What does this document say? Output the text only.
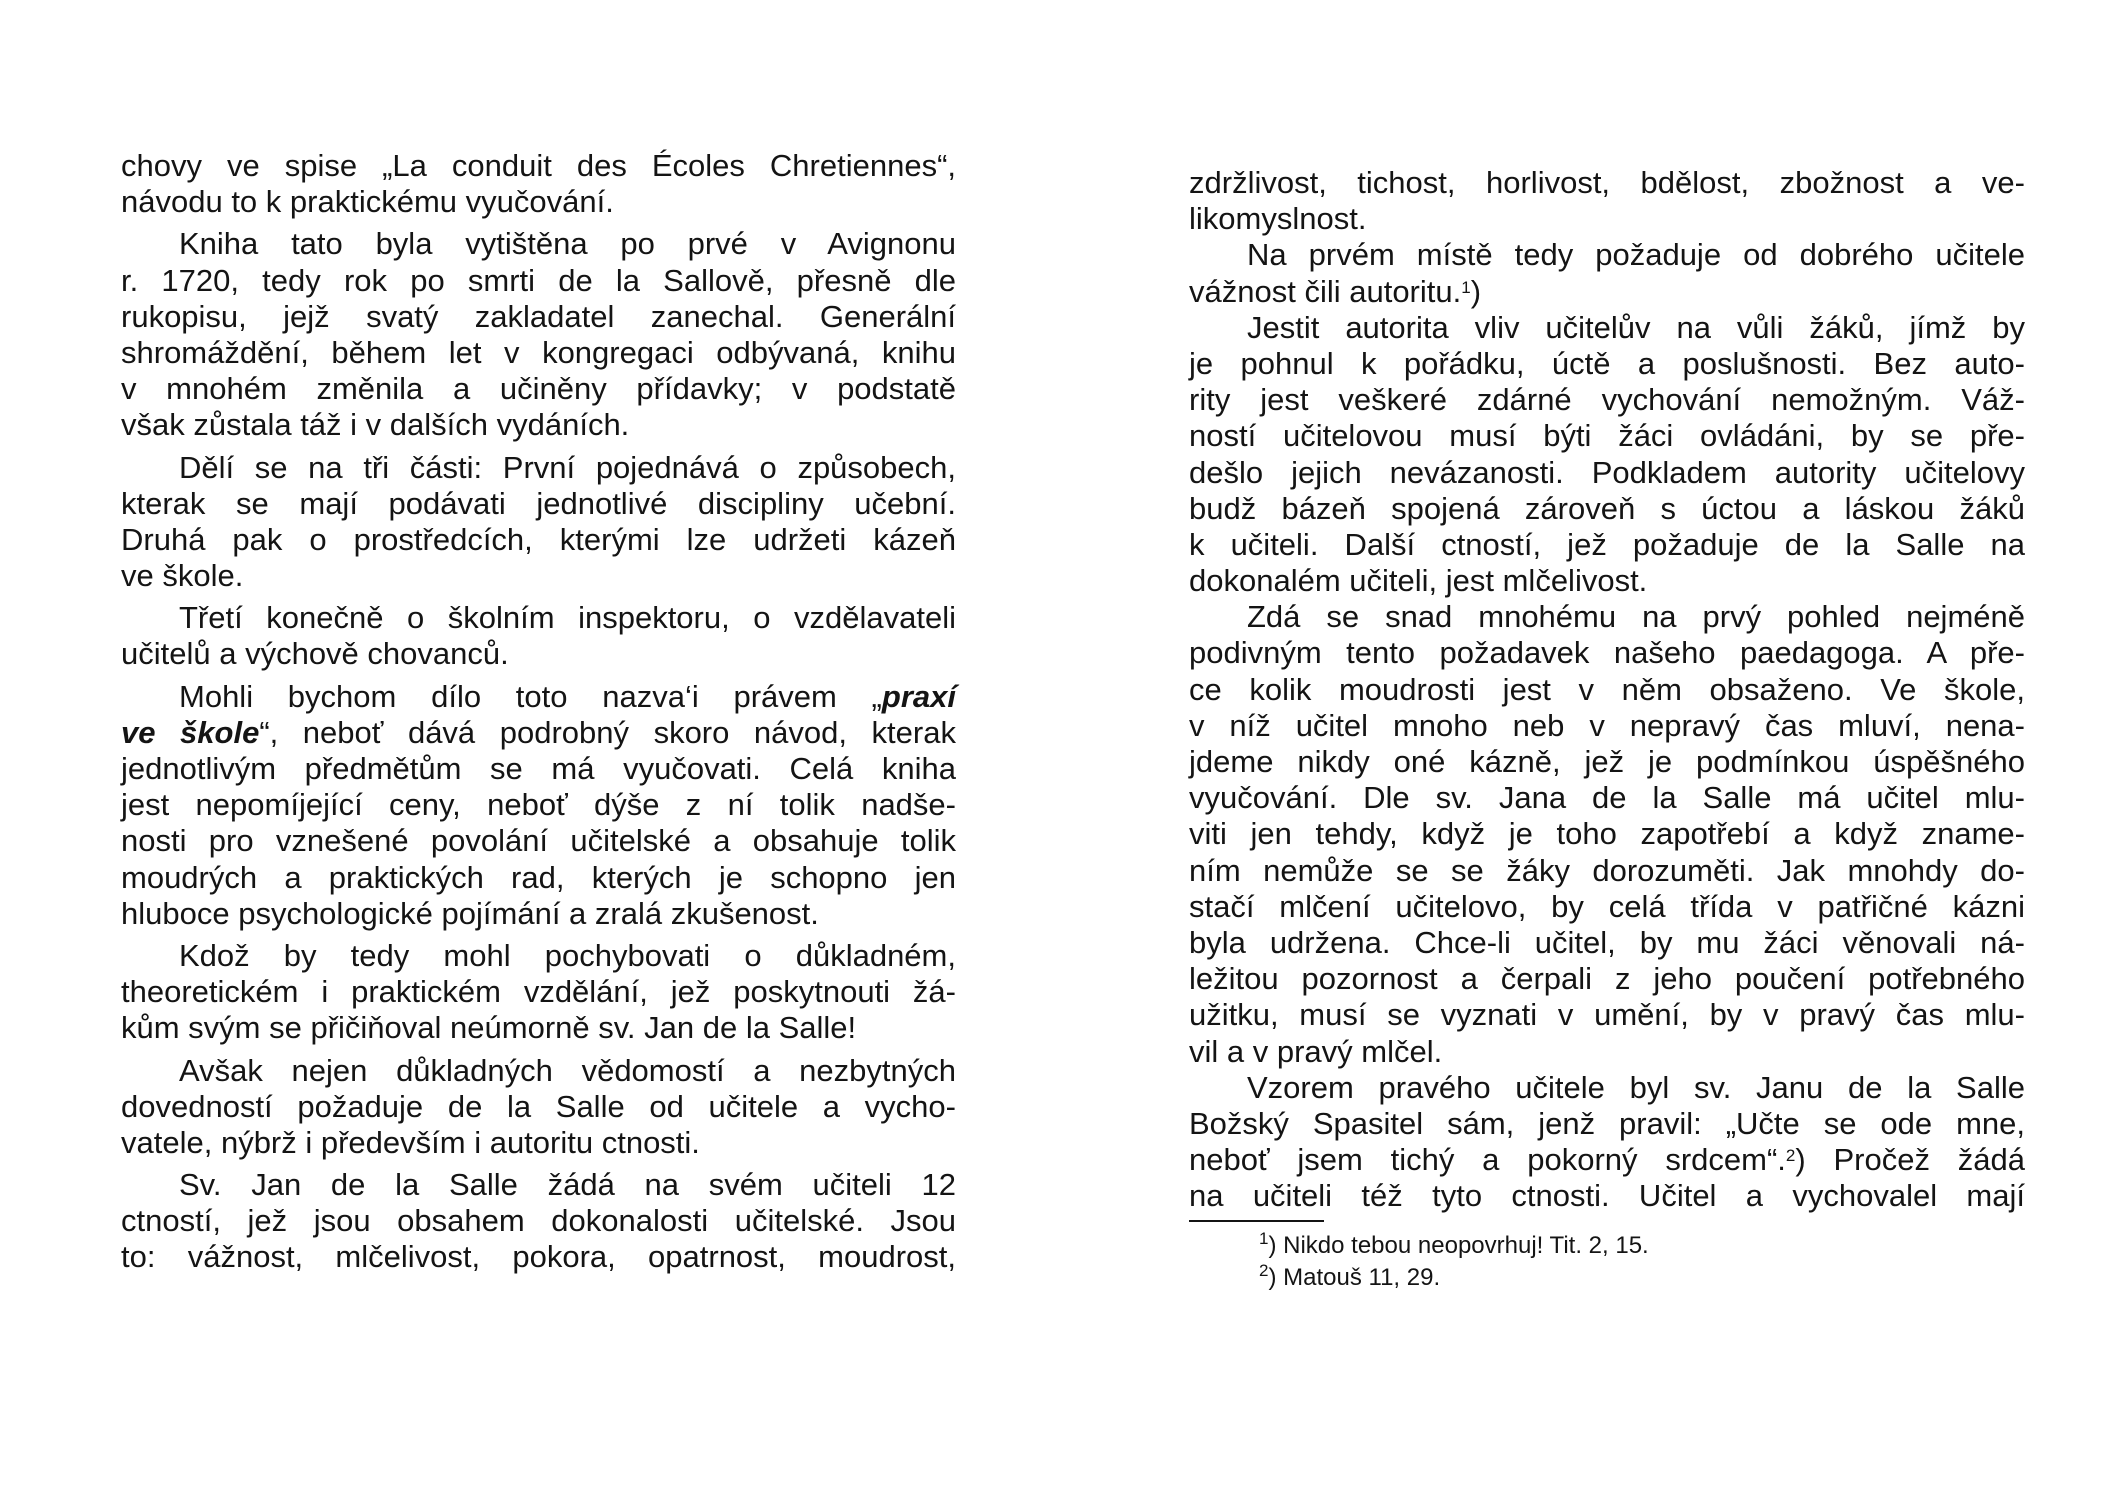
chovy ve spise „La conduit des Écoles Chretiennes“,
návodu to k praktickému vyučování.

Kniha tato byla vytištěna po prvé v Avignonu
r. 1720, tedy rok po smrti de la Sallově, přesně dle
rukopisu, jejž svatý zakladatel zanechal. Generální
shromáždění, během let v kongregaci odbývaná, knihu
v mnohém změnila a učiněny přídavky; v podstatě
však zůstala táž i v dalších vydáních.

Dělí se na tři části: První pojednává o způsobech,
kterak se mají podávati jednotlivé discipliny učební.
Druhá pak o prostředcích, kterými lze udržeti kázeň
ve škole.

Třetí konečně o školním inspektoru, o vzdělavateli
učitelů a výchově chovanců.

Mohli bychom dílo toto nazva‘i právem „praxí
ve škole“, neboť dává podrobný skoro návod, kterak
jednotlivým předmětům se má vyučovati. Celá kniha
jest nepomíjející ceny, neboť dýše z ní tolik nadše-
nosti pro vznešené povolání učitelské a obsahuje tolik
moudrých a praktických rad, kterých je schopno jen
hluboce psychologické pojímání a zralá zkušenost.

Kdož by tedy mohl pochybovati o důkladném,
theoretickém i praktickém vzdělání, jež poskytnouti žá-
kům svým se přičiňoval neúmorně sv. Jan de la Salle!

Avšak nejen důkladných vědomostí a nezbytných
dovedností požaduje de la Salle od učitele a vycho-
vatele, nýbrž i především i autoritu ctnosti.

Sv. Jan de la Salle žádá na svém učiteli 12
ctností, jež jsou obsahem dokonalosti učitelské. Jsou
to: vážnost, mlčelivost, pokora, opatrnost, moudrost,

zdržlivost, tichost, horlivost, bdělost, zbožnost a ve-
likomyslnost.

Na prvém místě tedy požaduje od dobrého učitele
vážnost čili autoritu.$^1$)

Jestit autorita vliv učitelův na vůli žáků, jímž by
je pohnul k pořádku, úctě a poslušnosti. Bez auto-
rity jest veškeré zdárné vychování nemožným. Váž-
ností učitelovou musí býti žáci ovládáni, by se pře-
dešlo jejich nevázanosti. Podkladem autority učitelovy
budž bázeň spojená zároveň s úctou a láskou žáků
k učiteli. Další ctností, jež požaduje de la Salle na
dokonalém učiteli, jest mlčelivost.

Zdá se snad mnohému na prvý pohled nejméně
podivným tento požadavek našeho paedagoga. A pře-
ce kolik moudrosti jest v něm obsaženo. Ve škole,
v níž učitel mnoho neb v nepravý čas mluví, nena-
jdeme nikdy oné kázně, jež je podmínkou úspěšného
vyučování. Dle sv. Jana de la Salle má učitel mlu-
viti jen tehdy, když je toho zapotřebí a když zname-
ním nemůže se se žáky dorozuměti. Jak mnohdy do-
stačí mlčení učitelovo, by celá třída v patřičné kázni
byla udržena. Chce-li učitel, by mu žáci věnovali ná-
ležitou pozornost a čerpali z jeho poučení potřebného
užitku, musí se vyznati v umění, by v pravý čas mlu-
vil a v pravý mlčel.

Vzorem pravého učitele byl sv. Janu de la Salle
Božský Spasitel sám, jenž pravil: „Učte se ode mne,
neboť jsem tichý a pokorný srdcem“.$^2$) Pročež žádá
na učiteli též tyto ctnosti. Učitel a vychovalel mají

$^1$) Nikdo tebou neopovrhuj! Tit. 2, 15.
$^2$) Matouš 11, 29.
